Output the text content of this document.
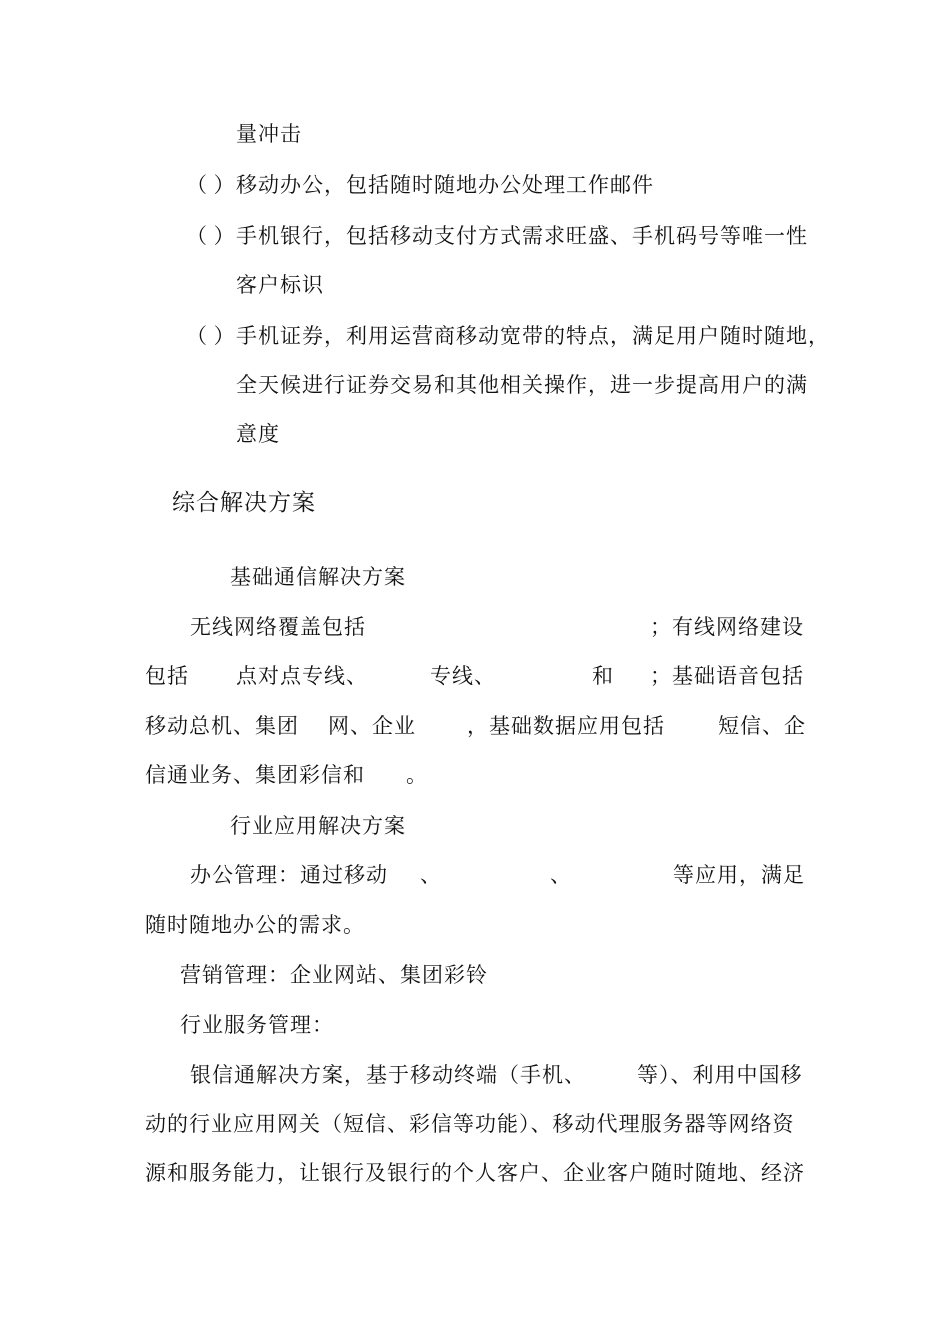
量冲击
（ ） 移动办公，包括随时随地办公处理工作邮件
（ ） 手机银行，包括移动支付方式需求旺盛、手机码号等唯一性
客户标识
（ ） 手机证券，利用运营商移动宽带的特点，满足用户随时随地，
全天候进行证券交易和其他相关操作，进一步提高用户的满
意度
综合解决方案
基础通信解决方案
无线网络覆盖包括	；有线网络建设
包括 点对点专线、	专线、	和 ；基础语音包括
移动总机、集团 网、企业 ，基础数据应用包括	短信、企
信通业务、集团彩信和 。
行业应用解决方案
办公管理：通过移动 、	、	等应用，满足
随时随地办公的需求。
营销管理：企业网站、集团彩铃
行业服务管理：
银信通解决方案，基于移动终端（手机、 等）、利用中国移
动的行业应用网关（短信、彩信等功能）、移动代理服务器等网络资
源和服务能力，让银行及银行的个人客户、企业客户随时随地、经济
